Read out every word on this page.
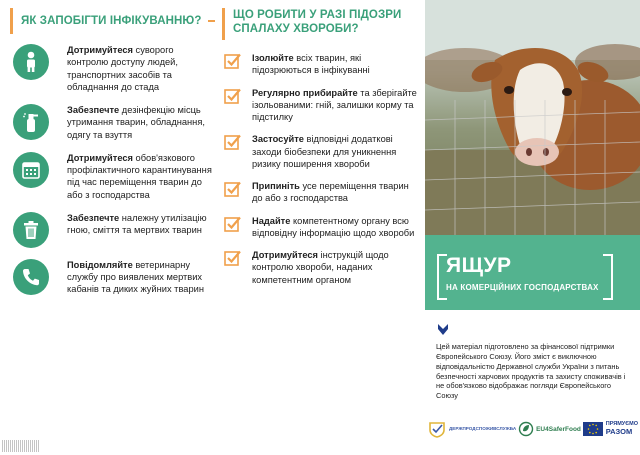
ЯК ЗАПОБІГТИ ІНФІКУВАННЮ?
Дотримуйтеся суворого контролю доступу людей, транспортних засобів та обладнання до стада
Забезпечте дезінфекцію місць утримання тварин, обладнання, одягу та взуття
Дотримуйтеся обов'язкового профілактичного карантинування під час переміщення тварин до або з господарства
Забезпечте належну утилізацію гною, сміття та мертвих тварин
Повідомляйте ветеринарну службу про виявлених мертвих кабанів та диких жуйних тварин
ЩО РОБИТИ У РАЗІ ПІДОЗРИ СПАЛАХУ ХВОРОБИ?
Ізолюйте всіх тварин, які підозрюються в інфікуванні
Регулярно прибирайте та зберігайте ізольованими: гній, залишки корму та підстилку
Застосуйте відповідні додаткові заходи біобезпеки для уникнення ризику поширення хвороби
Припиніть усе переміщення тварин до або з господарства
Надайте компетентному органу всю відповідну інформацію щодо хвороби
Дотримуйтеся інструкцій щодо контролю хвороби, наданих компетентним органом
ЯЩУР
НА КОМЕРЦІЙНИХ ГОСПОДАРСТВАХ
Цей матеріал підготовлено за фінансової підтримки Європейського Союзу. Його зміст є виключною відповідальністю Державної служби України з питань безпечності харчових продуктів та захисту споживачів і не обов'язково відображає погляди Європейського Союзу
ДЕРЖПРОДСПОЖИВСЛУЖБА	EU4SaferFood
ПРЯМУЄМО
РАЗОМ
